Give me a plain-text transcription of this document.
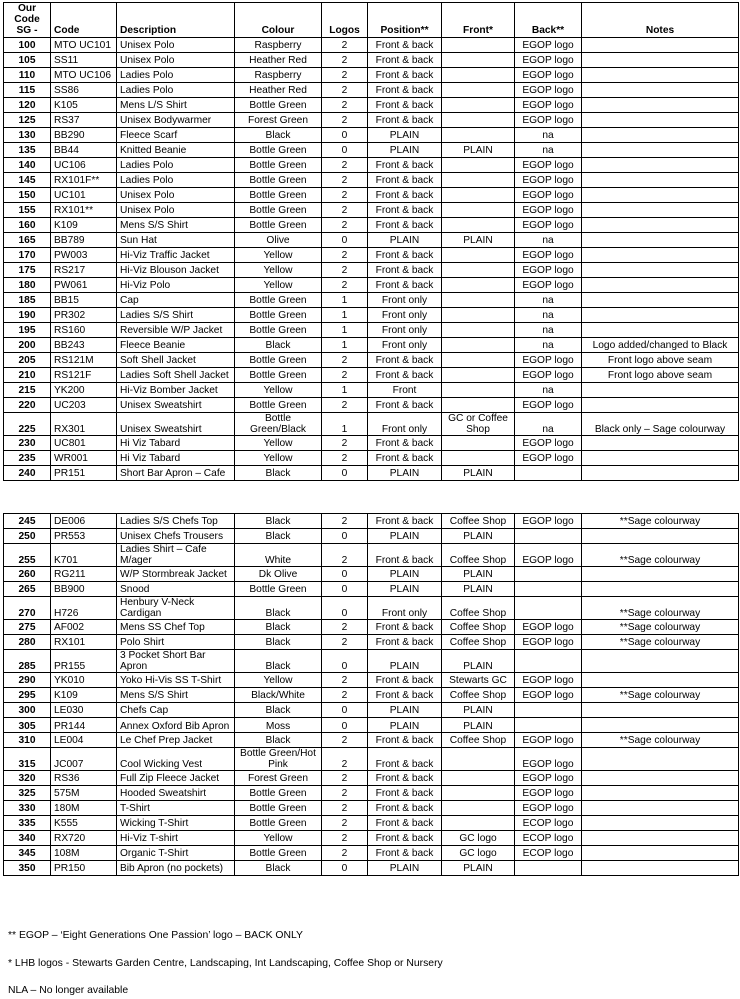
Our Code SG -	Code	Description	Colour	Logos	Position**	Front*	Back**	Notes
100	MTO UC101	Unisex Polo	Raspberry	2	Front & back		EGOP logo	
105	SS11	Unisex Polo	Heather Red	2	Front & back		EGOP logo	
110	MTO UC106	Ladies Polo	Raspberry	2	Front & back		EGOP logo	
115	SS86	Ladies Polo	Heather Red	2	Front & back		EGOP logo	
120	K105	Mens L/S Shirt	Bottle Green	2	Front & back		EGOP logo	
125	RS37	Unisex Bodywarmer	Forest Green	2	Front & back		EGOP logo	
130	BB290	Fleece Scarf	Black	0	PLAIN		na	
135	BB44	Knitted Beanie	Bottle Green	0	PLAIN	PLAIN	na	
140	UC106	Ladies Polo	Bottle Green	2	Front & back		EGOP logo	
145	RX101F**	Ladies Polo	Bottle Green	2	Front & back		EGOP logo	
150	UC101	Unisex Polo	Bottle Green	2	Front & back		EGOP logo	
155	RX101**	Unisex Polo	Bottle Green	2	Front & back		EGOP logo	
160	K109	Mens S/S Shirt	Bottle Green	2	Front & back		EGOP logo	
165	BB789	Sun Hat	Olive	0	PLAIN	PLAIN	na	
170	PW003	Hi-Viz Traffic Jacket	Yellow	2	Front & back		EGOP logo	
175	RS217	Hi-Viz Blouson Jacket	Yellow	2	Front & back		EGOP logo	
180	PW061	Hi-Viz Polo	Yellow	2	Front & back		EGOP logo	
185	BB15	Cap	Bottle Green	1	Front only		na	
190	PR302	Ladies S/S Shirt	Bottle Green	1	Front only		na	
195	RS160	Reversible W/P Jacket	Bottle Green	1	Front only		na	
200	BB243	Fleece Beanie	Black	1	Front only		na	Logo added/changed to Black
205	RS121M	Soft Shell Jacket	Bottle Green	2	Front & back		EGOP logo	Front logo above seam
210	RS121F	Ladies Soft Shell Jacket	Bottle Green	2	Front & back		EGOP logo	Front logo above seam
215	YK200	Hi-Viz Bomber Jacket	Yellow	1	Front		na	
220	UC203	Unisex Sweatshirt	Bottle Green	2	Front & back		EGOP logo	
225	RX301	Unisex Sweatshirt	Bottle Green/Black	1	Front only	GC or Coffee Shop	na	Black only – Sage colourway
230	UC801	Hi Viz Tabard	Yellow	2	Front & back		EGOP logo	
235	WR001	Hi Viz Tabard	Yellow	2	Front & back		EGOP logo	
240	PR151	Short Bar Apron – Cafe	Black	0	PLAIN	PLAIN		
245	DE006	Ladies S/S Chefs Top	Black	2	Front & back	Coffee Shop	EGOP logo	**Sage colourway
250	PR553	Unisex Chefs Trousers	Black	0	PLAIN	PLAIN		
255	K701	Ladies Shirt – Cafe M/ager	White	2	Front & back	Coffee Shop	EGOP logo	**Sage colourway
260	RG211	W/P Stormbreak Jacket	Dk Olive	0	PLAIN	PLAIN		
265	BB900	Snood	Bottle Green	0	PLAIN	PLAIN		
270	H726	Henbury V-Neck Cardigan	Black	0	Front only	Coffee Shop		**Sage colourway
275	AF002	Mens SS Chef Top	Black	2	Front & back	Coffee Shop	EGOP logo	**Sage colourway
280	RX101	Polo Shirt	Black	2	Front & back	Coffee Shop	EGOP logo	**Sage colourway
285	PR155	3 Pocket Short Bar Apron	Black	0	PLAIN	PLAIN		
290	YK010	Yoko Hi-Vis SS T-Shirt	Yellow	2	Front & back	Stewarts GC	EGOP logo	
295	K109	Mens S/S Shirt	Black/White	2	Front & back	Coffee Shop	EGOP logo	**Sage colourway
300	LE030	Chefs Cap	Black	0	PLAIN	PLAIN		
305	PR144	Annex Oxford Bib Apron	Moss	0	PLAIN	PLAIN		
310	LE004	Le Chef Prep Jacket	Black	2	Front & back	Coffee Shop	EGOP logo	**Sage colourway
315	JC007	Cool Wicking Vest	Bottle Green/Hot Pink	2	Front & back		EGOP logo	
320	RS36	Full Zip Fleece Jacket	Forest Green	2	Front & back		EGOP logo	
325	575M	Hooded Sweatshirt	Bottle Green	2	Front & back		EGOP logo	
330	180M	T-Shirt	Bottle Green	2	Front & back		EGOP logo	
335	K555	Wicking T-Shirt	Bottle Green	2	Front & back		ECOP logo	
340	RX720	Hi-Viz T-shirt	Yellow	2	Front & back	GC logo	ECOP logo	
345	108M	Organic T-Shirt	Bottle Green	2	Front & back	GC logo	ECOP logo	
350	PR150	Bib Apron (no pockets)	Black	0	PLAIN	PLAIN		
** EGOP – ‘Eight Generations One Passion’ logo – BACK ONLY
* LHB logos - Stewarts Garden Centre, Landscaping, Int Landscaping, Coffee Shop or Nursery
NLA – No longer available
